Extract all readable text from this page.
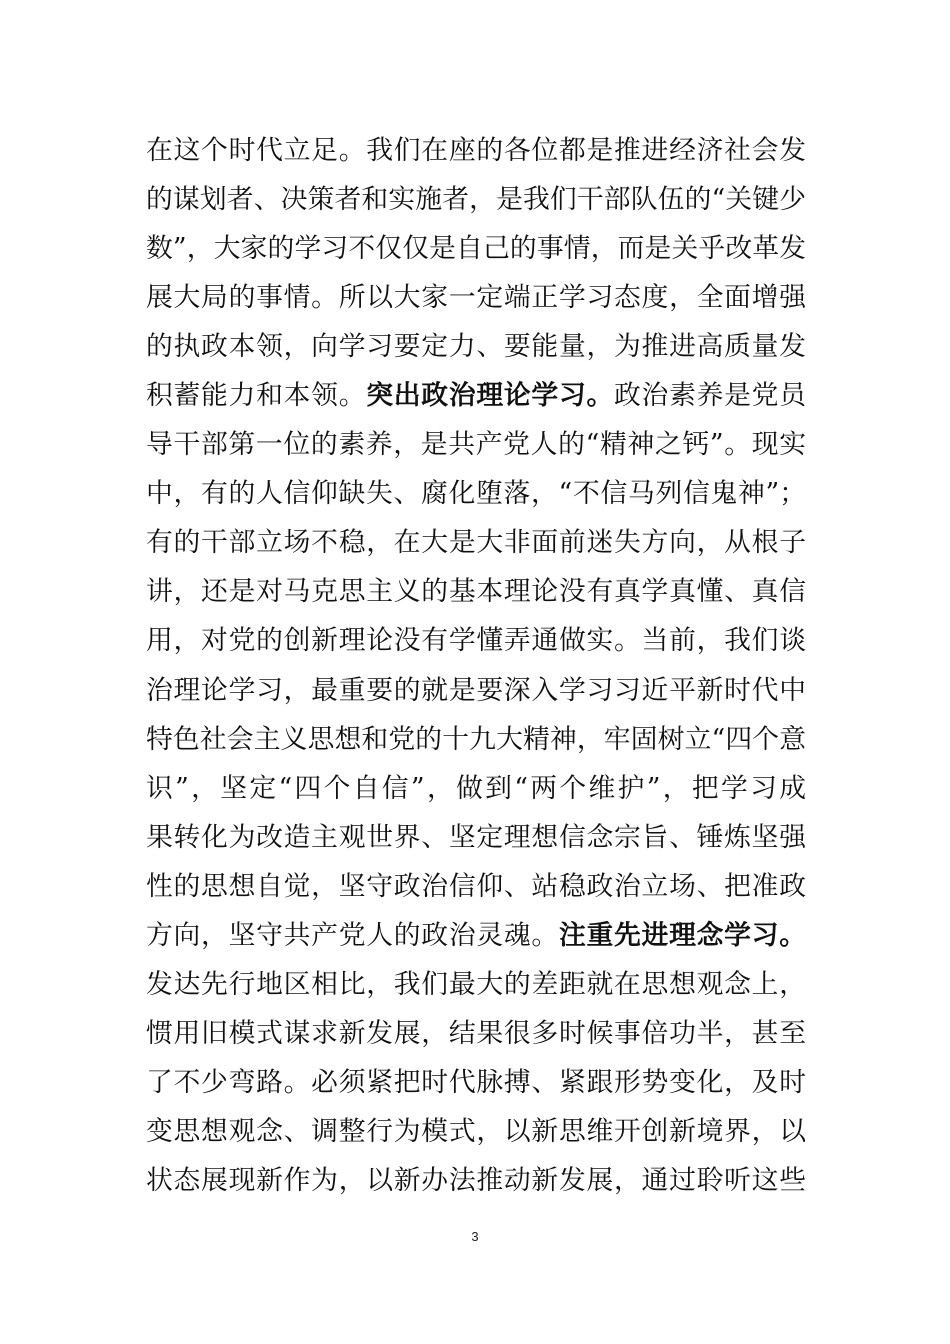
在这个时代立足。我们在座的各位都是推进经济社会发
的谋划者、决策者和实施者，是我们干部队伍的“关键少
数”，大家的学习不仅仅是自己的事情，而是关乎改革发
展大局的事情。所以大家一定端正学习态度，全面增强
的执政本领，向学习要定力、要能量，为推进高质量发
积蓄能力和本领。突出政治理论学习。政治素养是党员
导干部第一位的素养，是共产党人的“精神之钙”。现实
中，有的人信仰缺失、腐化堕落，“不信马列信鬼神”；
有的干部立场不稳，在大是大非面前迷失方向，从根子
讲，还是对马克思主义的基本理论没有真学真懂、真信
用，对党的创新理论没有学懂弄通做实。当前，我们谈
治理论学习，最重要的就是要深入学习习近平新时代中
特色社会主义思想和党的十九大精神，牢固树立“四个意
识”，坚定“四个自信”，做到“两个维护”，把学习成
果转化为改造主观世界、坚定理想信念宗旨、锤炼坚强
性的思想自觉，坚守政治信仰、站稳政治立场、把准政
方向，坚守共产党人的政治灵魂。注重先进理念学习。
发达先行地区相比，我们最大的差距就在思想观念上，
惯用旧模式谋求新发展，结果很多时候事倍功半，甚至
了不少弯路。必须紧把时代脉搏、紧跟形势变化，及时
变思想观念、调整行为模式，以新思维开创新境界，以
状态展现新作为，以新办法推动新发展，通过聆听这些

3
